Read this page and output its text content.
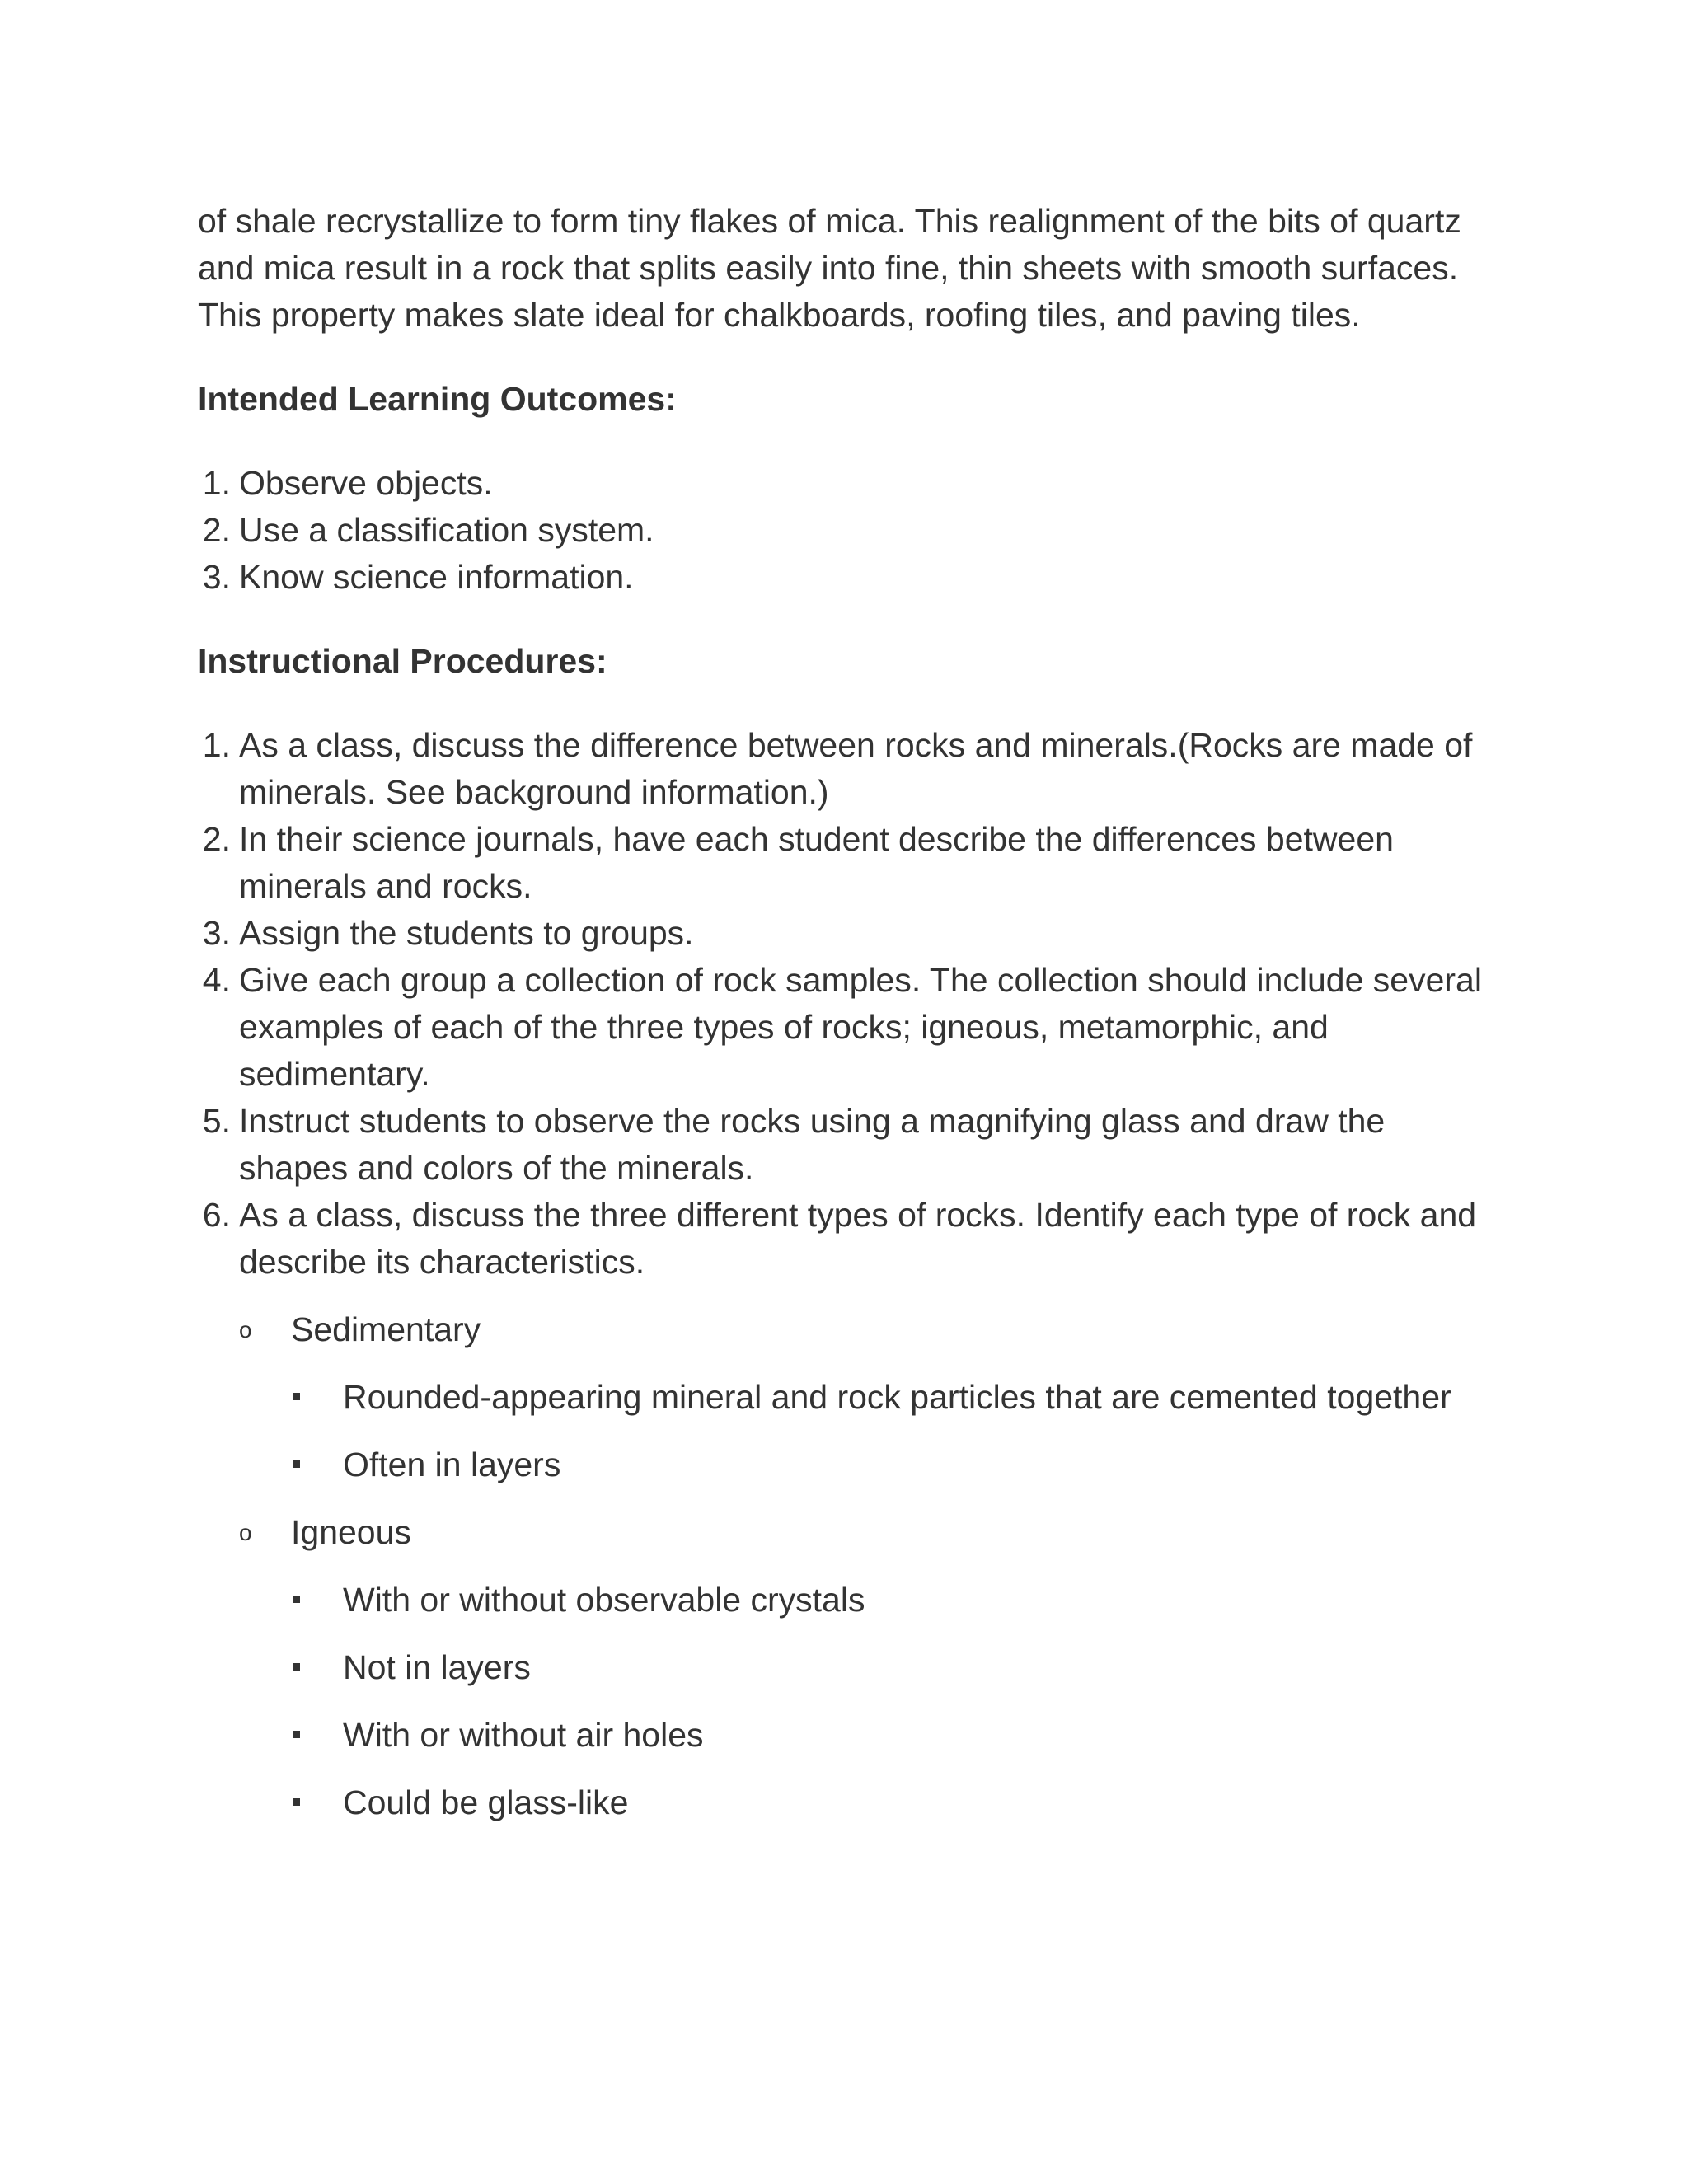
of shale recrystallize to form tiny flakes of mica. This realignment of the bits of quartz and mica result in a rock that splits easily into fine, thin sheets with smooth surfaces. This property makes slate ideal for chalkboards, roofing tiles, and paving tiles.

Intended Learning Outcomes:
1. Observe objects.
2. Use a classification system.
3. Know science information.
Instructional Procedures:
1. As a class, discuss the difference between rocks and minerals.(Rocks are made of minerals. See background information.)
2. In their science journals, have each student describe the differences between minerals and rocks.
3. Assign the students to groups.
4. Give each group a collection of rock samples. The collection should include several examples of each of the three types of rocks; igneous, metamorphic, and sedimentary.
5. Instruct students to observe the rocks using a magnifying glass and draw the shapes and colors of the minerals.
6. As a class, discuss the three different types of rocks. Identify each type of rock and describe its characteristics.
o Sedimentary
Rounded-appearing mineral and rock particles that are cemented together
Often in layers
o Igneous
With or without observable crystals
Not in layers
With or without air holes
Could be glass-like
